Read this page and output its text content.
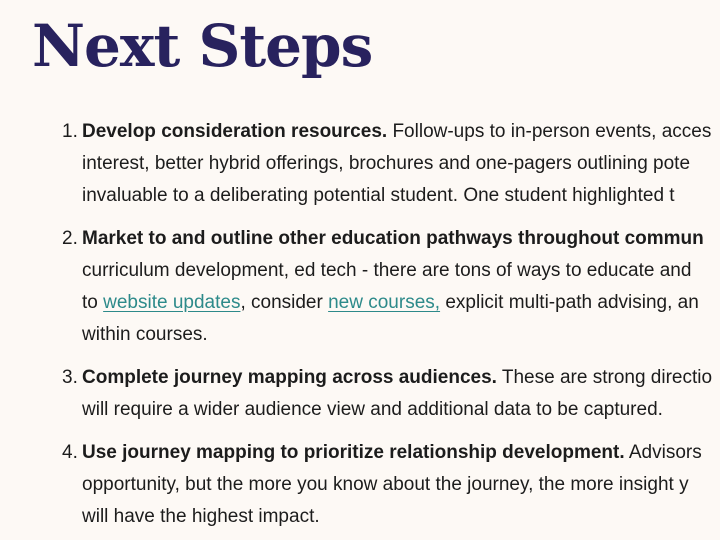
Next Steps
1. Develop consideration resources. Follow-ups to in-person events, acces
interest, better hybrid offerings, brochures and one-pagers outlining pote
invaluable to a deliberating potential student. One student highlighted t
2. Market to and outline other education pathways throughout commun
curriculum development, ed tech - there are tons of ways to educate and
to website updates, consider new courses, explicit multi-path advising, an
within courses.
3. Complete journey mapping across audiences. These are strong directio
will require a wider audience view and additional data to be captured.
4. Use journey mapping to prioritize relationship development. Advisors
opportunity, but the more you know about the journey, the more insight y
will have the highest impact.
